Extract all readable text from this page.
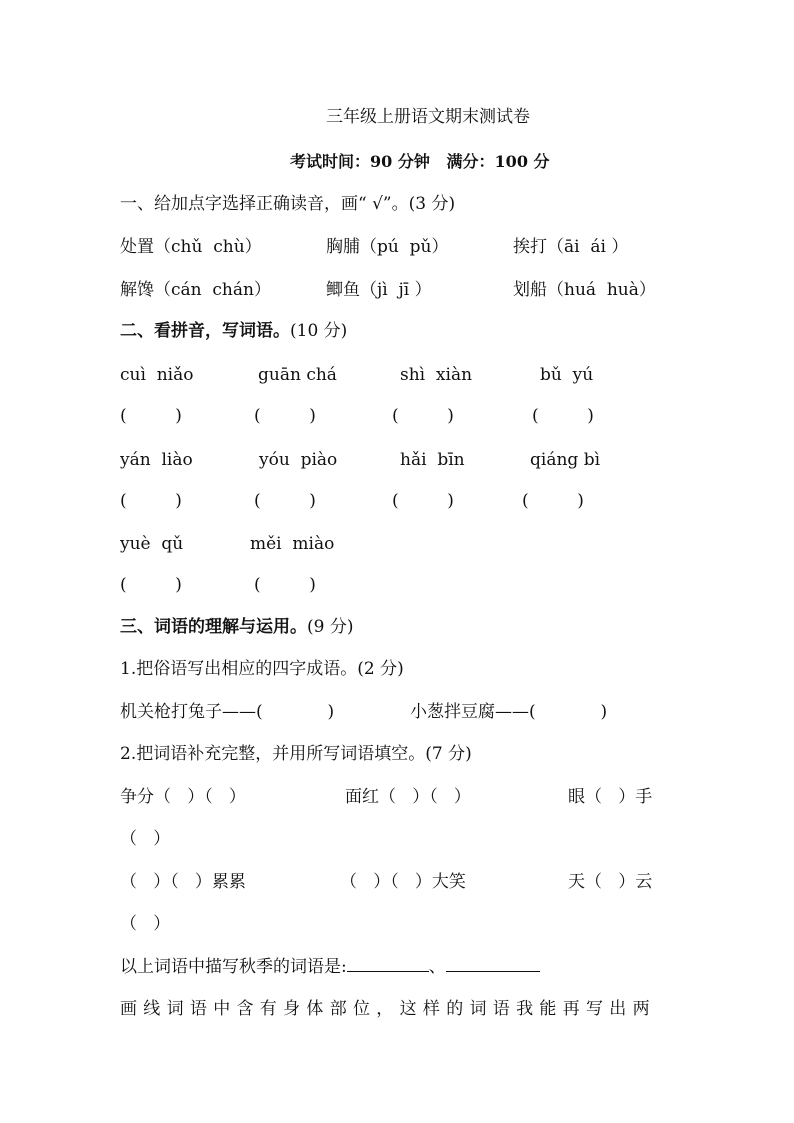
三年级上册语文期末测试卷
考试时间：90 分钟   满分：100 分
一、给加点字选择正确读音，画“ √”。(3 分)
处置（chǔ  chù）	胸脯（pú  pǔ）	挨打（āi  ái ）
解馋（cán  chán）	鲫鱼（jì  jī ）	划船（huá  huà）
二、看拼音，写词语。(10 分)
cuì  niǎo	guān chá	shì  xiàn	bǔ  yú
(         )	(         )	(         )	(         )
yán  liào	yóu  piào	hǎi  bīn	qiáng bì
(         )	(         )	(         )	(         )
yuè  qǔ	měi  miào
(         )	(         )
三、词语的理解与运用。(9 分)
1.把俗语写出相应的四字成语。(2 分)
机关枪打兔子——(            )	小葱拌豆腐——(            )
2.把词语补充完整，并用所写词语填空。(7 分)
争分（   ）（   ）	面红（   ）（   ）	眼（   ）手
（   ）
（   ）（   ）累累	（   ）（   ）大笑	天（   ）云
（   ）
以上词语中描写秋季的词语是:	、
画线词语中含有身体部位，这样的词语我能再写出两
